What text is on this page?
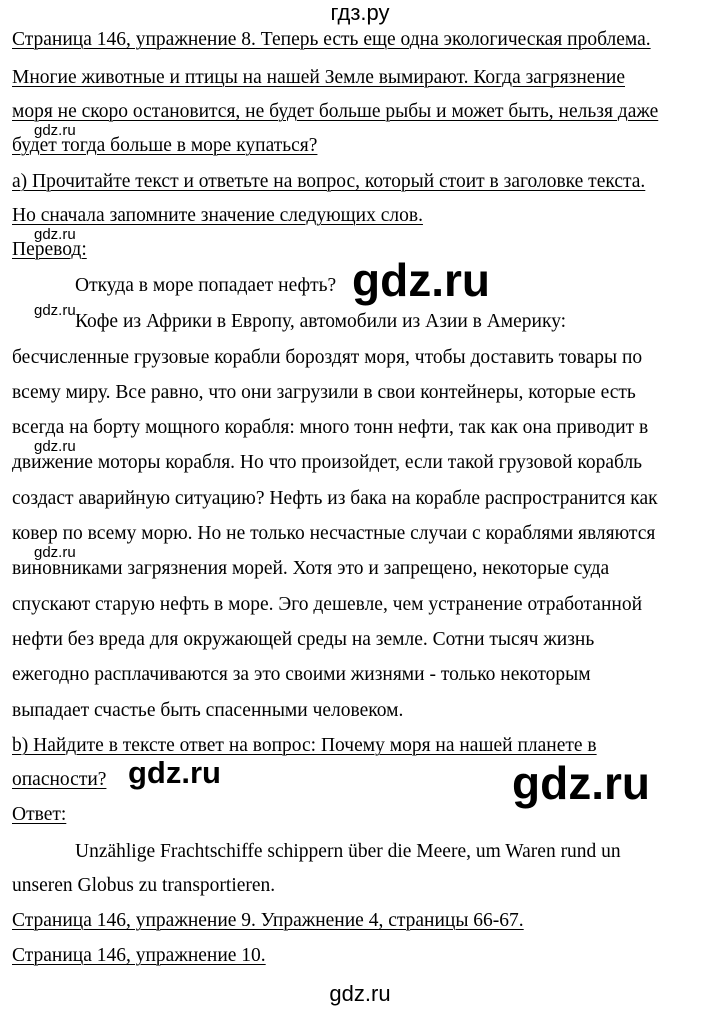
гдз.ру
Страница 146, упражнение 8. Теперь есть еще одна экологическая проблема.
Многие животные и птицы на нашей Земле вымирают. Когда загрязнение
моря не скоро остановится, не будет больше рыбы и может быть, нельзя даже
gdz.ru
будет тогда больше в море купаться?
a) Прочитайте текст и ответьте на вопрос, который стоит в заголовке текста.
Но сначала запомните значение следующих слов.
gdz.ru
Перевод:
Откуда в море попадает нефть? gdz.ru
gdz.ru
Кофе из Африки в Европу, автомобили из Азии в Америку:
бесчисленные грузовые корабли бороздят моря, чтобы доставить товары по
всему миру. Все равно, что они загрузили в свои контейнеры, которые есть
всегда на борту мощного корабля: много тонн нефти, так как она приводит в
gdz.ru
движение моторы корабля. Но что произойдет, если такой грузовой корабль
создаст аварийную ситуацию? Нефть из бака на корабле распространится как
ковер по всему морю. Но не только несчастные случаи с кораблями являются
gdz.ru
виновниками загрязнения морей. Хотя это и запрещено, некоторые суда
спускают старую нефть в море. Эго дешевле, чем устранение отработанной
нефти без вреда для окружающей среды на земле. Сотни тысяч жизнь
ежегодно расплачиваются за это своими жизнями - только некоторым
выпадает счастье быть спасенными человеком.
b) Найдите в тексте ответ на вопрос: Почему моря на нашей планете в
опасности? gdz.ru	gdz.ru
Ответ:
Unzählige Frachtschiffe schippern über die Meere, um Waren rund un
unseren Globus zu transportieren.
Страница 146, упражнение 9. Упражнение 4, страницы 66-67.
Страница 146, упражнение 10.
gdz.ru
